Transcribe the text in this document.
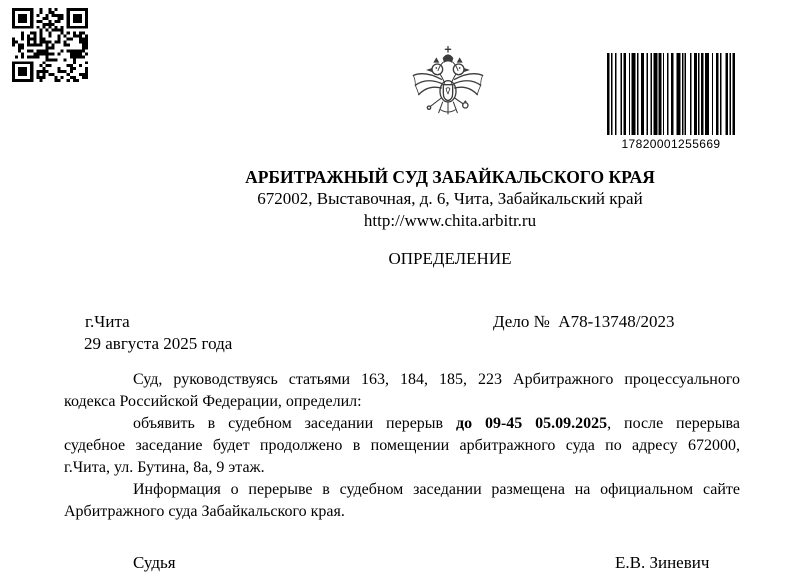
17820001255669
АРБИТРАЖНЫЙ СУД ЗАБАЙКАЛЬСКОГО КРАЯ
672002, Выставочная, д. 6, Чита, Забайкальский край
http://www.chita.arbitr.ru
ОПРЕДЕЛЕНИЕ
г.Чита	Дело №  А78-13748/2023
29 августа 2025 года
Суд, руководствуясь статьями 163, 184, 185, 223 Арбитражного процессуального
кодекса Российской Федерации, определил:
объявить в судебном заседании перерыв до 09-45 05.09.2025, после перерыва
судебное заседание будет продолжено в помещении арбитражного суда по адресу 672000,
г.Чита, ул. Бутина, 8а, 9 этаж.
Информация о перерыве в судебном заседании размещена на официальном сайте
Арбитражного суда Забайкальского края.
Судья	Е.В. Зиневич
